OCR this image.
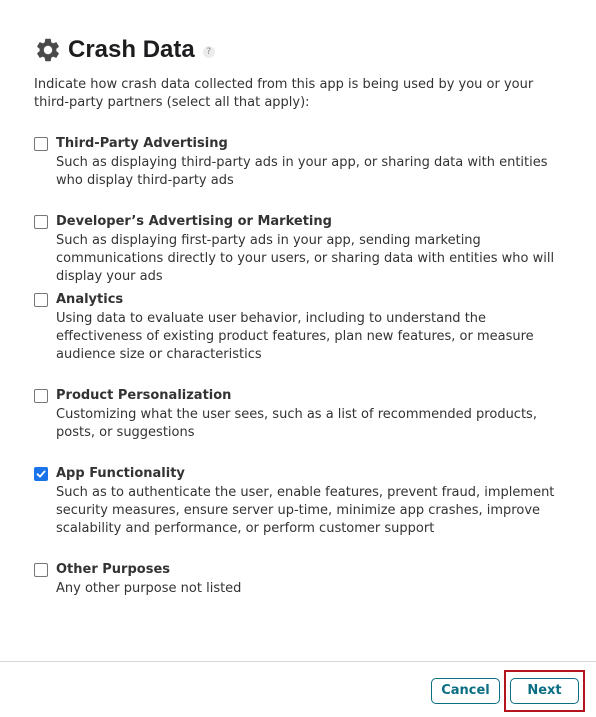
Crash Data	?
Indicate how crash data collected from this app is being used by you or your third-party partners (select all that apply):
Third-Party Advertising
Such as displaying third-party ads in your app, or sharing data with entities who display third-party ads
Developer’s Advertising or Marketing
Such as displaying first-party ads in your app, sending marketing communications directly to your users, or sharing data with entities who will display your ads
Analytics
Using data to evaluate user behavior, including to understand the effectiveness of existing product features, plan new features, or measure audience size or characteristics
Product Personalization
Customizing what the user sees, such as a list of recommended products, posts, or suggestions
App Functionality
Such as to authenticate the user, enable features, prevent fraud, implement security measures, ensure server up-time, minimize app crashes, improve scalability and performance, or perform customer support
Other Purposes
Any other purpose not listed
Cancel	Next
